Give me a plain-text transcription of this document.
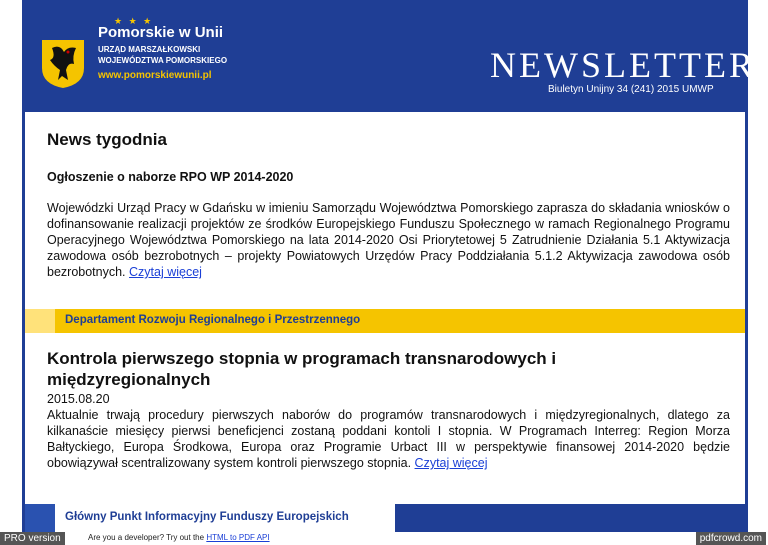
★ ★ ★
Pomorskie w Unii
URZĄD MARSZAŁKOWSKI
WOJEWÓDZTWA POMORSKIEGO
www.pomorskiewunii.pl	NEWSLETTER
Biuletyn Unijny 34 (241) 2015 UMWP
News tygodnia
Ogłoszenie o naborze RPO WP 2014-2020

Wojewódzki Urząd Pracy w Gdańsku w imieniu Samorządu Województwa Pomorskiego zaprasza do składania wniosków o dofinansowanie realizacji projektów ze środków Europejskiego Funduszu Społecznego w ramach Regionalnego Programu Operacyjnego Województwa Pomorskiego na lata 2014-2020 Osi Priorytetowej 5 Zatrudnienie Działania 5.1 Aktywizacja zawodowa osób bezrobotnych – projekty Powiatowych Urzędów Pracy Poddziałania 5.1.2 Aktywizacja zawodowa osób bezrobotnych. Czytaj więcej

Departament Rozwoju Regionalnego i Przestrzennego
Kontrola pierwszego stopnia w programach transnarodowych i międzyregionalnych
2015.08.20

Aktualnie trwają procedury pierwszych naborów do programów transnarodowych i międzyregionalnych, dlatego za kilkanaście miesięcy pierwsi beneficjenci zostaną poddani kontoli I stopnia. W Programach Interreg: Region Morza Bałtyckiego, Europa Środkowa, Europa oraz Programie Urbact III w perspektywie finansowej 2014-2020 będzie obowiązywał scentralizowany system kontroli pierwszego stopnia. Czytaj więcej

Główny Punkt Informacyjny Funduszy Europejskich
PRO version	Are you a developer? Try out the HTML to PDF API	pdfcrowd.com
